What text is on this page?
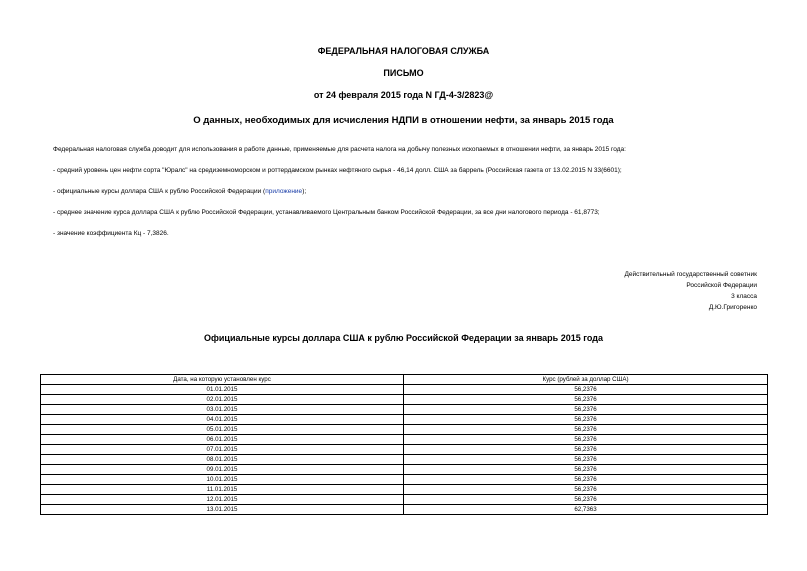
ФЕДЕРАЛЬНАЯ НАЛОГОВАЯ СЛУЖБА
ПИСЬМО
от 24 февраля 2015 года N ГД-4-3/2823@
О данных, необходимых для исчисления НДПИ в отношении нефти, за январь 2015 года
Федеральная налоговая служба доводит для использования в работе данные, применяемые для расчета налога на добычу полезных ископаемых в отношении нефти, за январь 2015 года:
- средний уровень цен нефти сорта "Юралс" на средиземноморском и роттердамском рынках нефтяного сырья - 46,14 долл. США за баррель (Российская газета от 13.02.2015 N 33(6601);
- официальные курсы доллара США к рублю Российской Федерации (приложение);
- среднее значение курса доллара США к рублю Российской Федерации, устанавливаемого Центральным банком Российской Федерации, за все дни налогового периода - 61,8773;
- значение коэффициента Кц - 7,3826.
Действительный государственный советник
Российской Федерации
3 класса
Д.Ю.Григоренко
Официальные курсы доллара США к рублю Российской Федерации за январь 2015 года
Дата, на которую установлен курс	Курс (рублей за доллар США)
01.01.2015	56,2376
02.01.2015	56,2376
03.01.2015	56,2376
04.01.2015	56,2376
05.01.2015	56,2376
06.01.2015	56,2376
07.01.2015	56,2376
08.01.2015	56,2376
09.01.2015	56,2376
10.01.2015	56,2376
11.01.2015	56,2376
12.01.2015	56,2376
13.01.2015	62,7363
